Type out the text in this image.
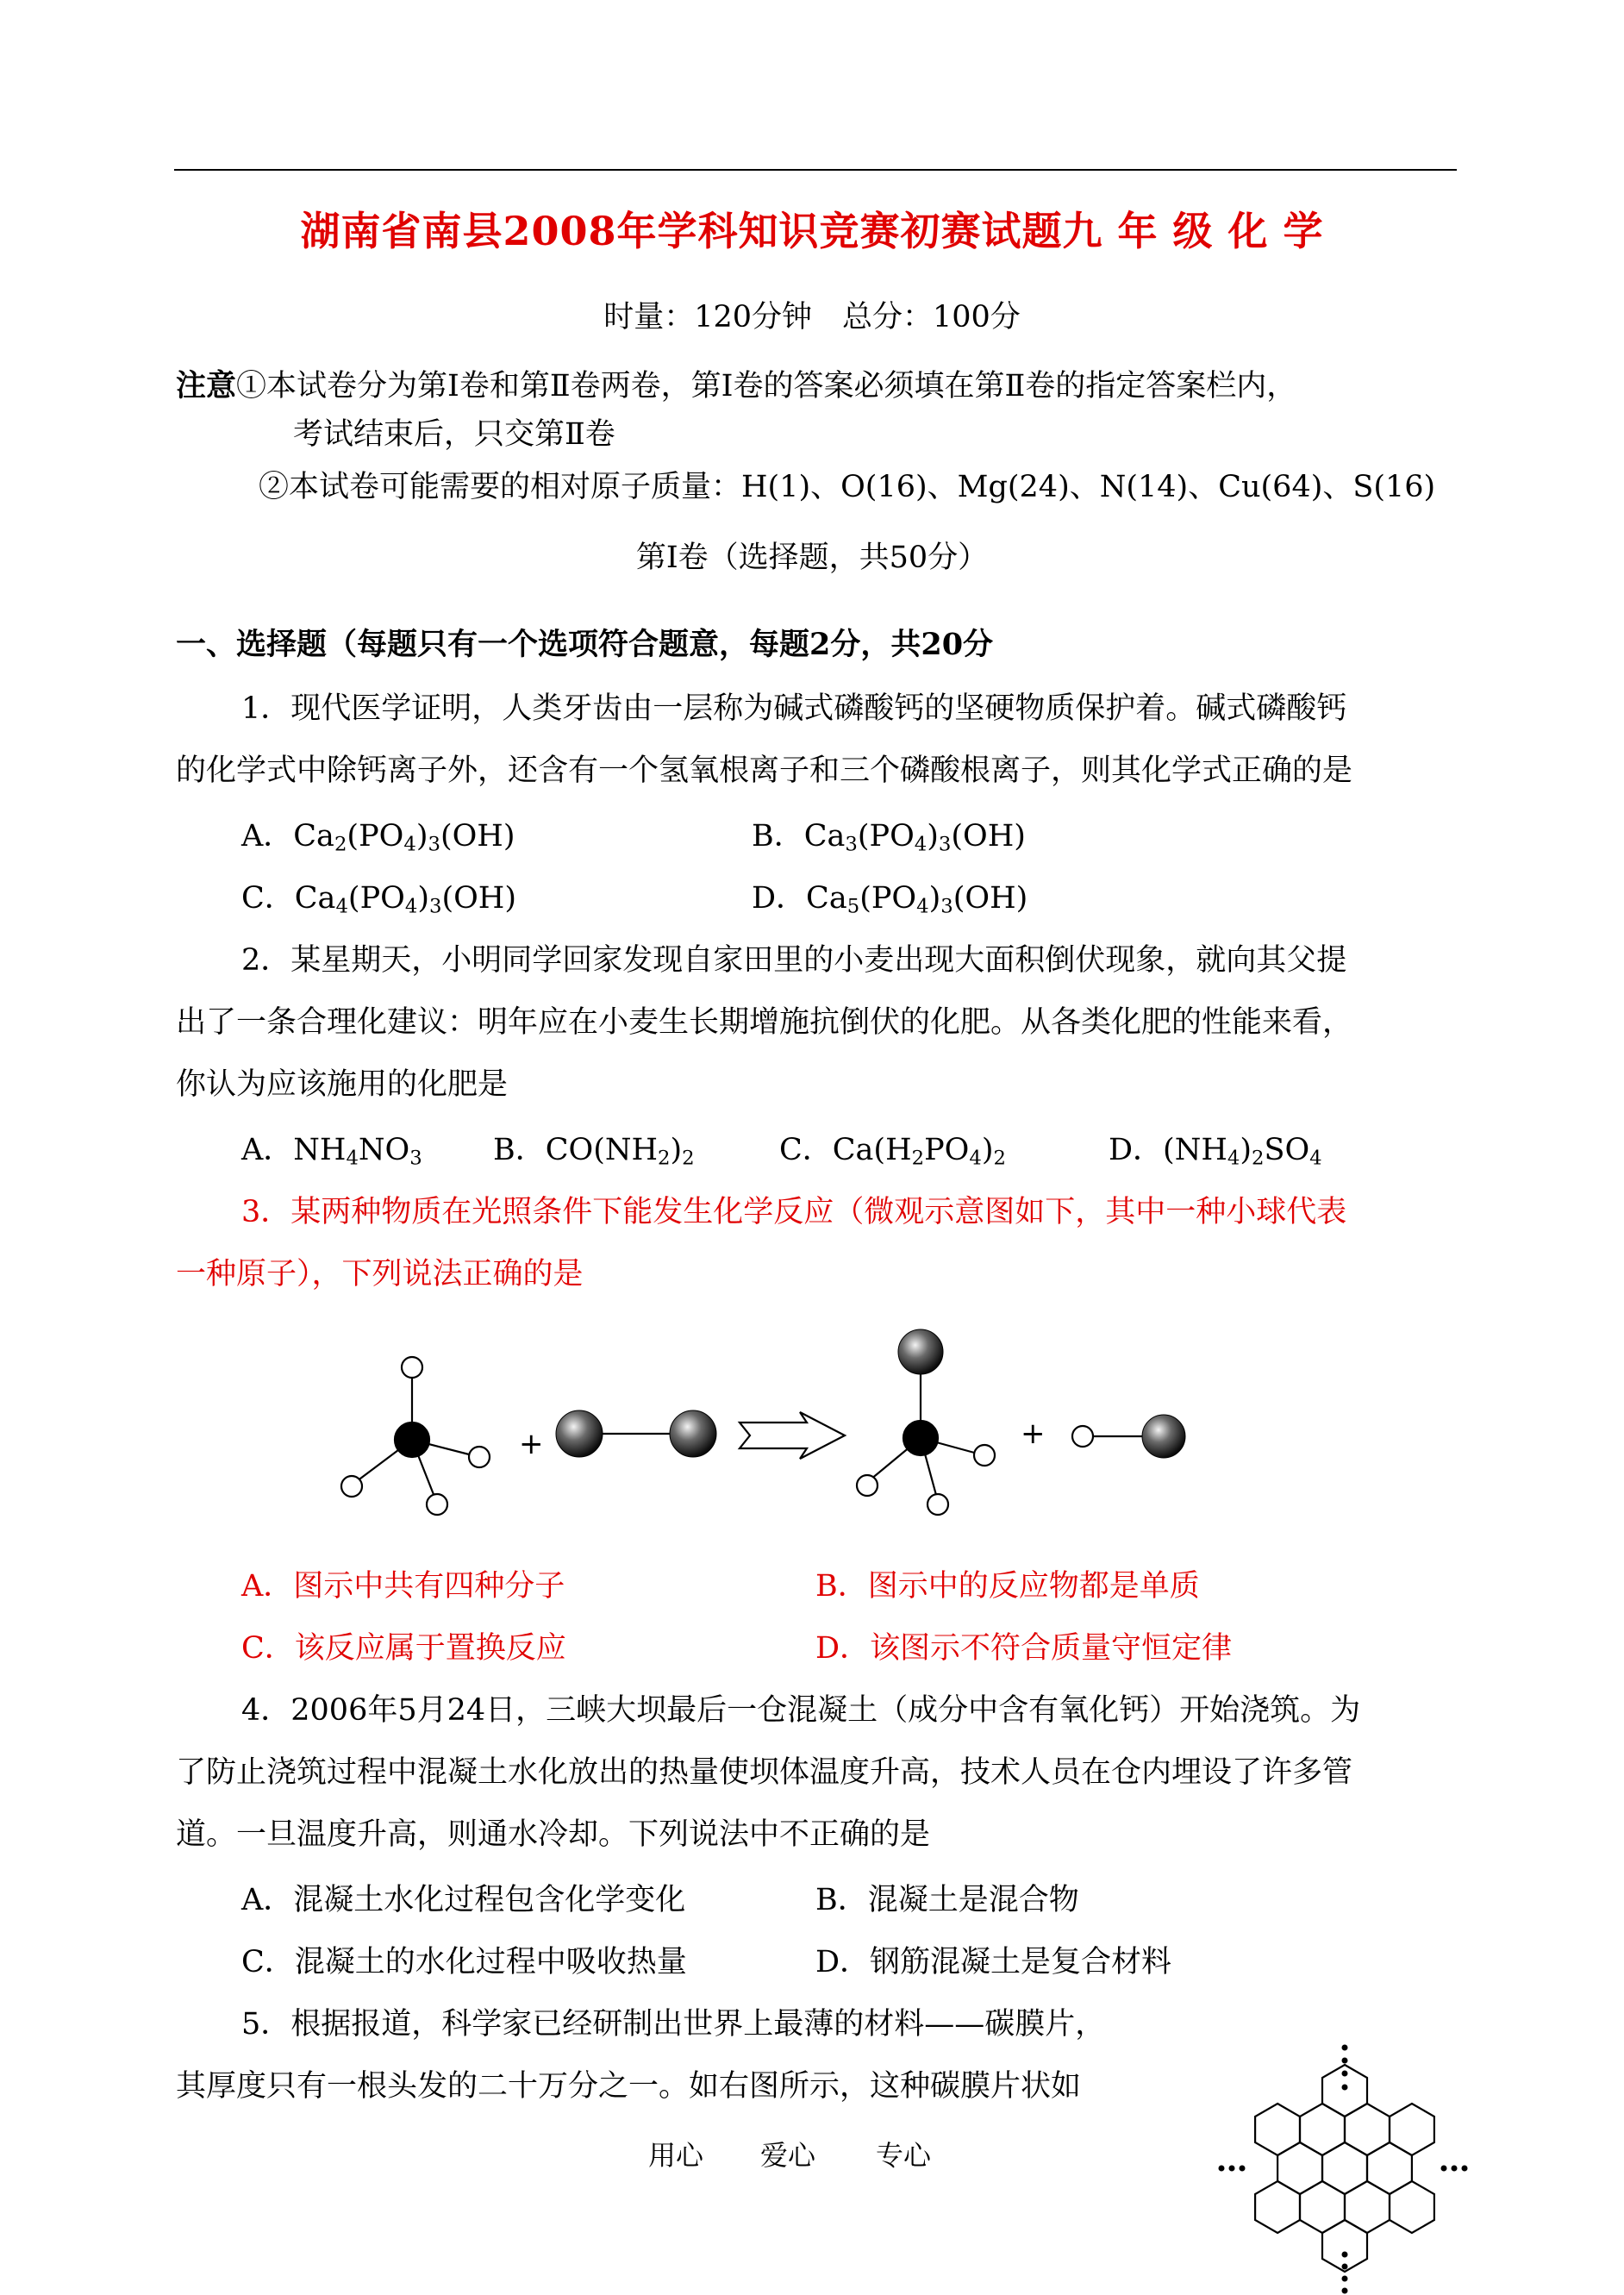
湖南省南县2008年学科知识竞赛初赛试题九 年 级 化 学
时量：120分钟　总分：100分
注意①本试卷分为第Ⅰ卷和第Ⅱ卷两卷，第Ⅰ卷的答案必须填在第Ⅱ卷的指定答案栏内，
考试结束后，只交第Ⅱ卷
②本试卷可能需要的相对原子质量：H(1)、O(16)、Mg(24)、N(14)、Cu(64)、S(16)
第Ⅰ卷（选择题，共50分）
一、选择题（每题只有一个选项符合题意，每题2分，共20分
1．现代医学证明，人类牙齿由一层称为碱式磷酸钙的坚硬物质保护着。碱式磷酸钙
的化学式中除钙离子外，还含有一个氢氧根离子和三个磷酸根离子，则其化学式正确的是
A．$Ca_2(PO_4)_3(OH)$	B．$Ca_3(PO_4)_3(OH)$
C．$Ca_4(PO_4)_3(OH)$	D．$Ca_5(PO_4)_3(OH)$
2．某星期天，小明同学回家发现自家田里的小麦出现大面积倒伏现象，就向其父提
出了一条合理化建议：明年应在小麦生长期增施抗倒伏的化肥。从各类化肥的性能来看，
你认为应该施用的化肥是
A．$NH_4NO_3$ B．$CO(NH_2)_2$	C．$Ca(H_2PO_4)_2$	D．$(NH_4)_2SO_4$
3．某两种物质在光照条件下能发生化学反应（微观示意图如下，其中一种小球代表
一种原子），下列说法正确的是
+	+
A．图示中共有四种分子	B．图示中的反应物都是单质
C．该反应属于置换反应	D．该图示不符合质量守恒定律
4．2006年5月24日，三峡大坝最后一仓混凝土（成分中含有氧化钙）开始浇筑。为
了防止浇筑过程中混凝土水化放出的热量使坝体温度升高，技术人员在仓内埋设了许多管
道。一旦温度升高，则通水冷却。下列说法中不正确的是
A．混凝土水化过程包含化学变化	B．混凝土是混合物
C．混凝土的水化过程中吸收热量	D．钢筋混凝土是复合材料
5．根据报道，科学家已经研制出世界上最薄的材料——碳膜片，
其厚度只有一根头发的二十万分之一。如右图所示，这种碳膜片状如
用心 爱心 专心
